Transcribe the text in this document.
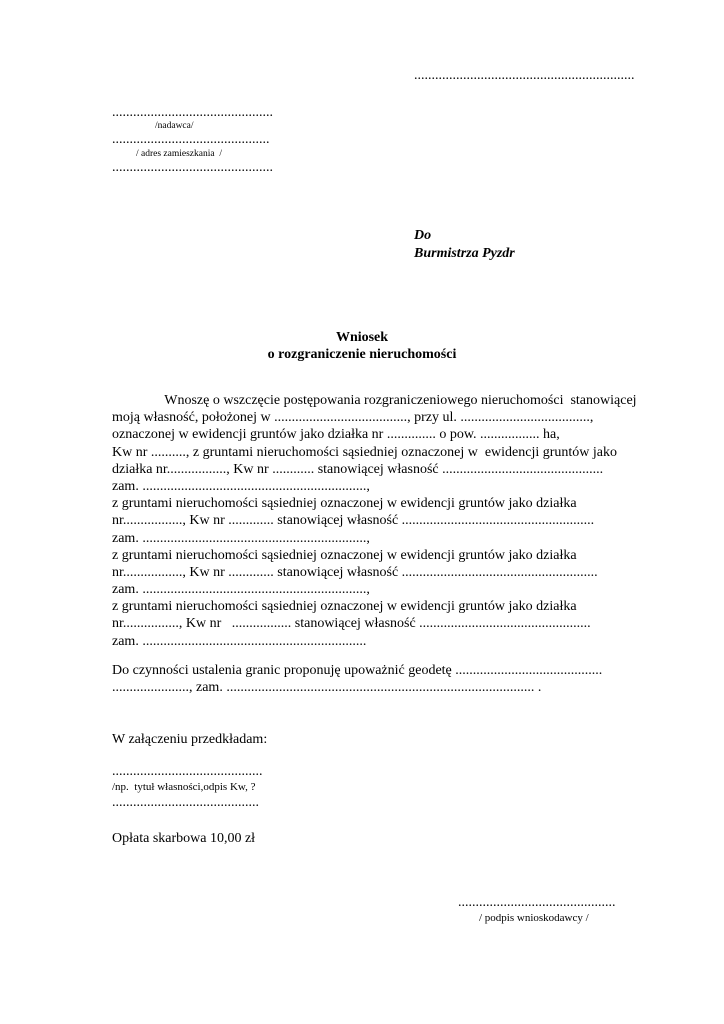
...............................................................

..............................................

/nadawca/

.............................................

/ adres zamieszkania  /

..............................................

Do

Burmistrza Pyzdr

Wniosek

o rozgraniczenie nieruchomości

Wnoszę o wszczęcie postępowania rozgraniczeniowego nieruchomości  stanowiącej
moją własność, położonej w ......................................, przy ul. .....................................,
oznaczonej w ewidencji gruntów jako działka nr .............. o pow. ................. ha,
Kw nr .........., z gruntami nieruchomości sąsiedniej oznaczonej w  ewidencji gruntów jako
działka nr................., Kw nr ............ stanowiącej własność ..............................................
zam. ................................................................,
z gruntami nieruchomości sąsiedniej oznaczonej w ewidencji gruntów jako działka
nr................., Kw nr ............. stanowiącej własność .......................................................
zam. ................................................................,
z gruntami nieruchomości sąsiedniej oznaczonej w ewidencji gruntów jako działka
nr................., Kw nr ............. stanowiącej własność ........................................................
zam. ................................................................,
z gruntami nieruchomości sąsiedniej oznaczonej w ewidencji gruntów jako działka
nr................, Kw nr   ................. stanowiącej własność .................................................
zam. ................................................................
Do czynności ustalenia granic proponuję upoważnić geodetę ..........................................
......................, zam. ........................................................................................ .

W załączeniu przedkładam:

...........................................

/np.  tytuł własności,odpis Kw, ?

..........................................

Opłata skarbowa 10,00 zł

.............................................

/ podpis wnioskodawcy /
